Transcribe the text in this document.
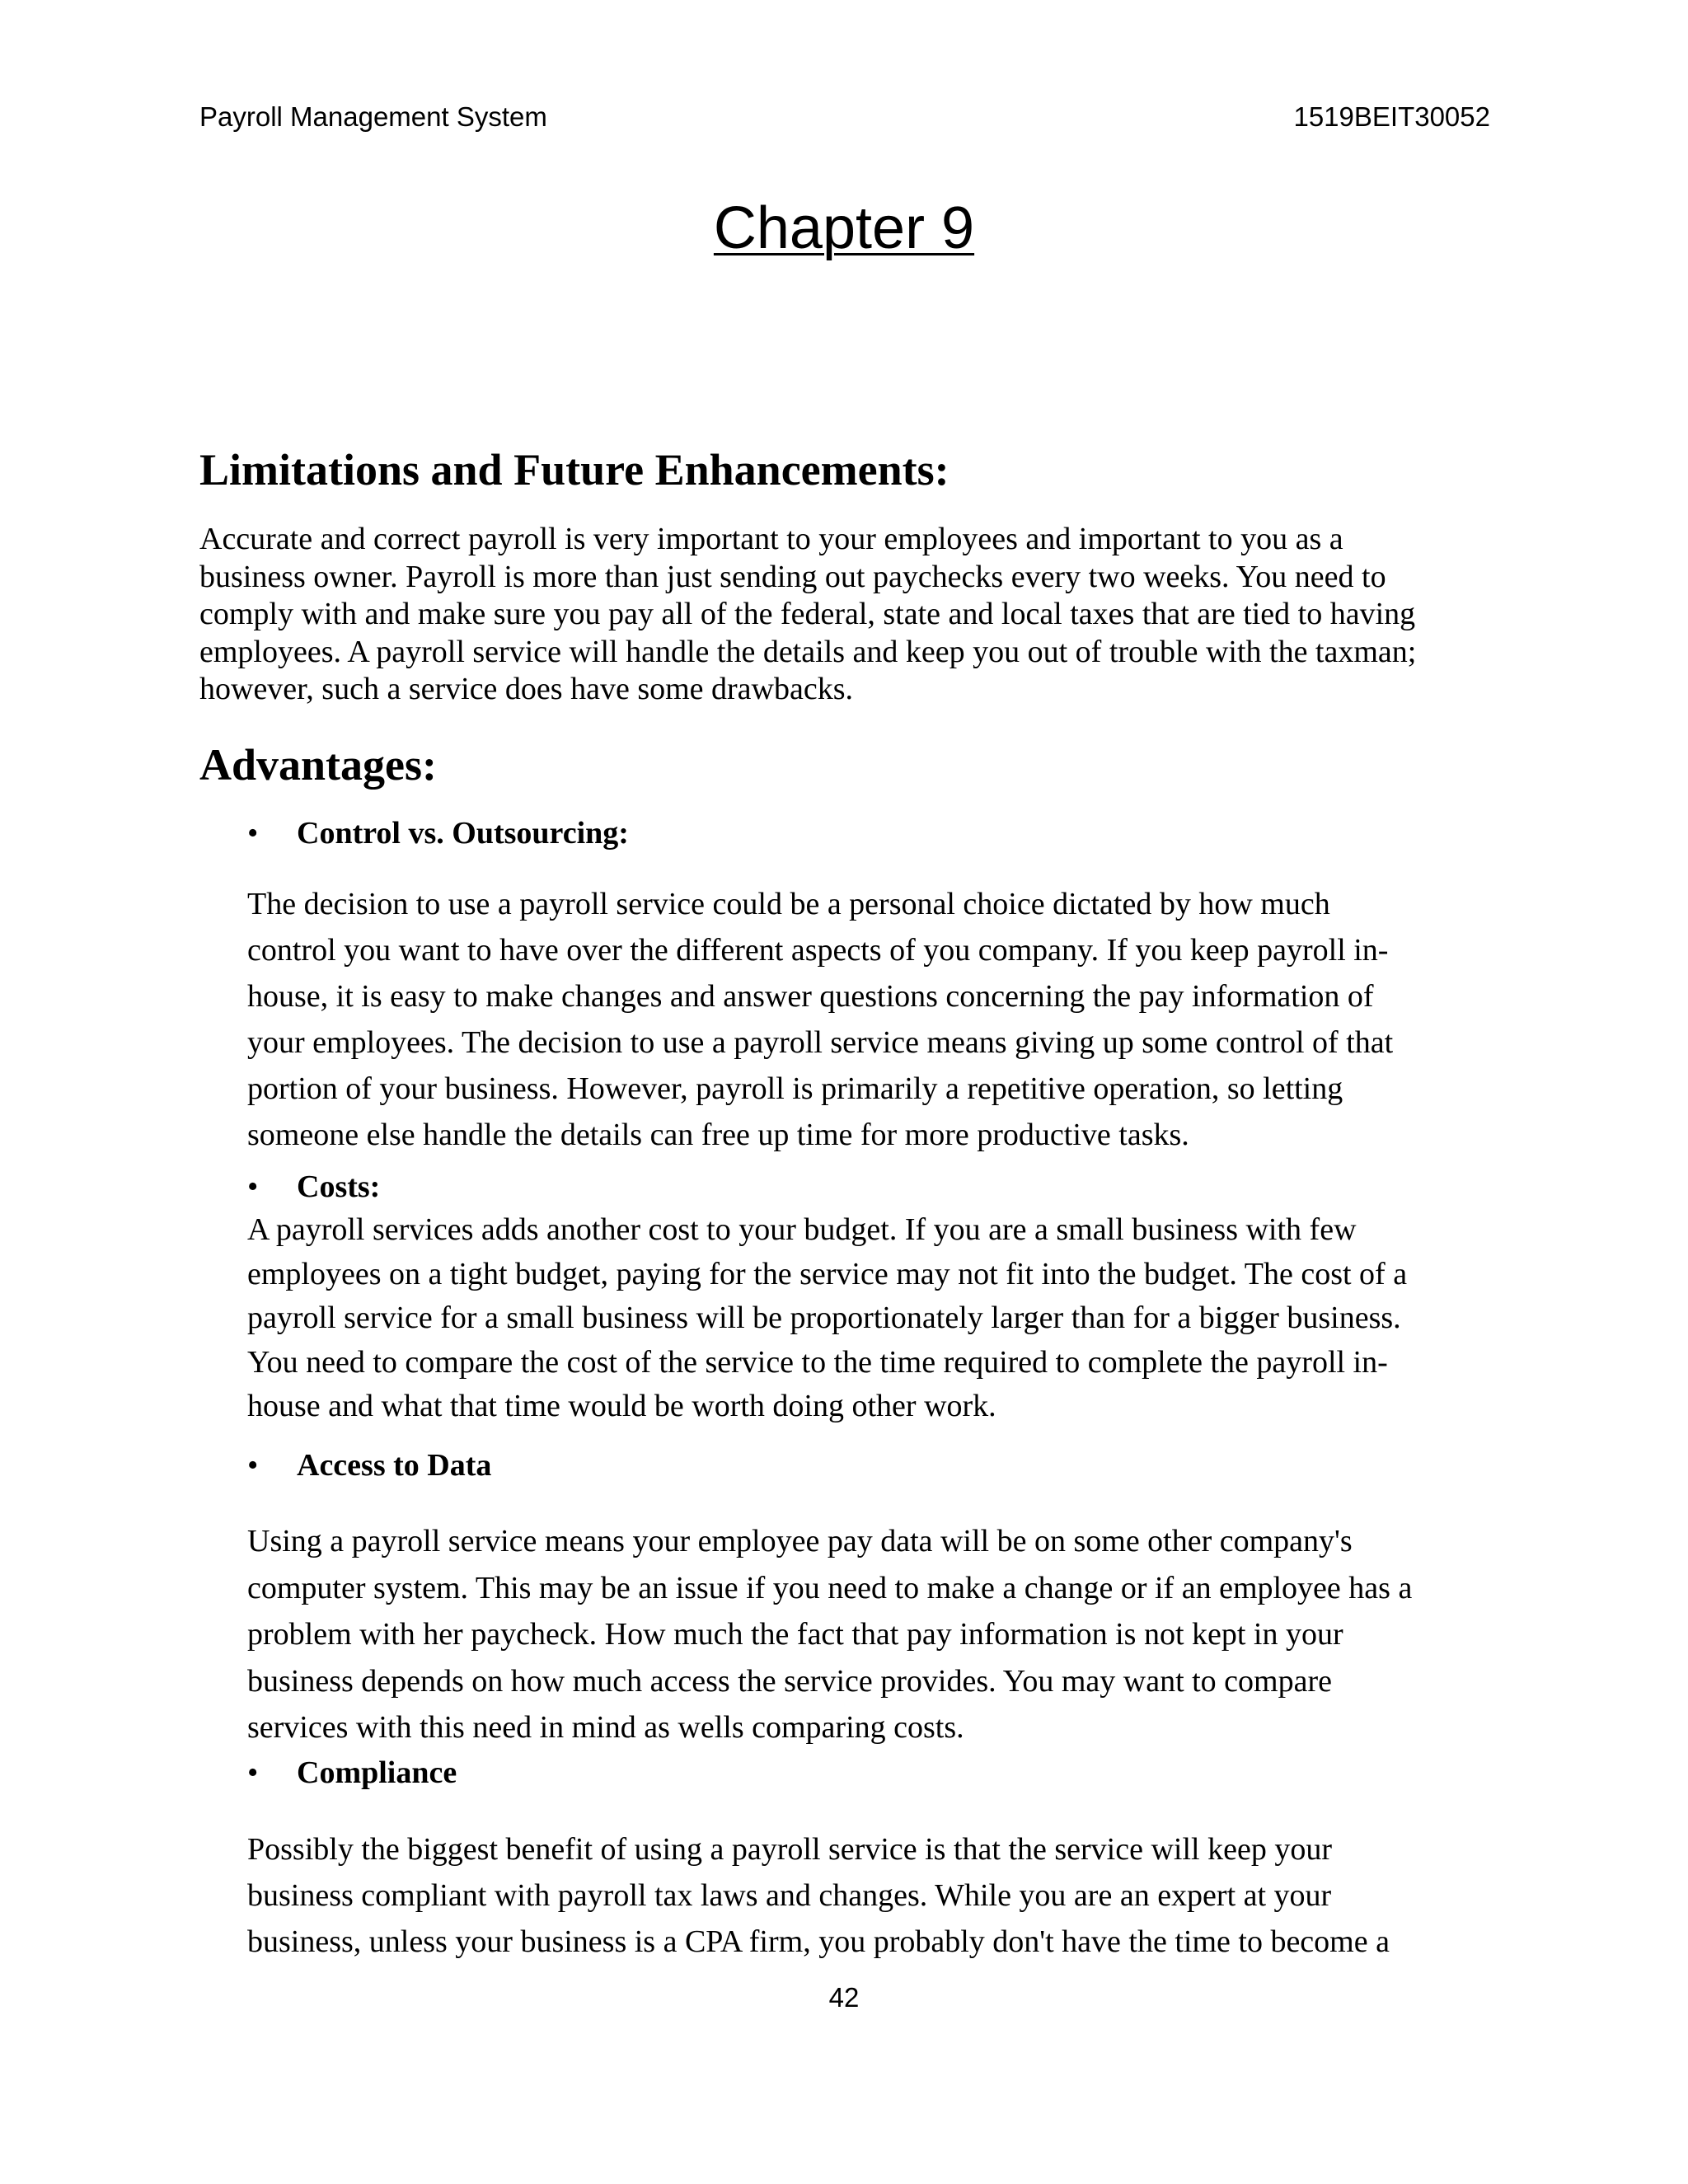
Payroll Management System	1519BEIT30052
Chapter 9
Limitations and Future Enhancements:

Accurate and correct payroll is very important to your employees and important to you as a

business owner. Payroll is more than just sending out paychecks every two weeks. You need to

comply with and make sure you pay all of the federal, state and local taxes that are tied to having

employees. A payroll service will handle the details and keep you out of trouble with the taxman;

however, such a service does have some drawbacks.

Advantages:
• Control vs. Outsourcing:

The decision to use a payroll service could be a personal choice dictated by how much

control you want to have over the different aspects of you company. If you keep payroll in-

house, it is easy to make changes and answer questions concerning the pay information of

your employees. The decision to use a payroll service means giving up some control of that

portion of your business. However, payroll is primarily a repetitive operation, so letting

someone else handle the details can free up time for more productive tasks.

• Costs:

A payroll services adds another cost to your budget. If you are a small business with few

employees on a tight budget, paying for the service may not fit into the budget. The cost of a

payroll service for a small business will be proportionately larger than for a bigger business.

You need to compare the cost of the service to the time required to complete the payroll in-

house and what that time would be worth doing other work.

• Access to Data

Using a payroll service means your employee pay data will be on some other company's

computer system. This may be an issue if you need to make a change or if an employee has a

problem with her paycheck. How much the fact that pay information is not kept in your

business depends on how much access the service provides. You may want to compare

services with this need in mind as wells comparing costs.

• Compliance

Possibly the biggest benefit of using a payroll service is that the service will keep your

business compliant with payroll tax laws and changes. While you are an expert at your

business, unless your business is a CPA firm, you probably don't have the time to become a

42
